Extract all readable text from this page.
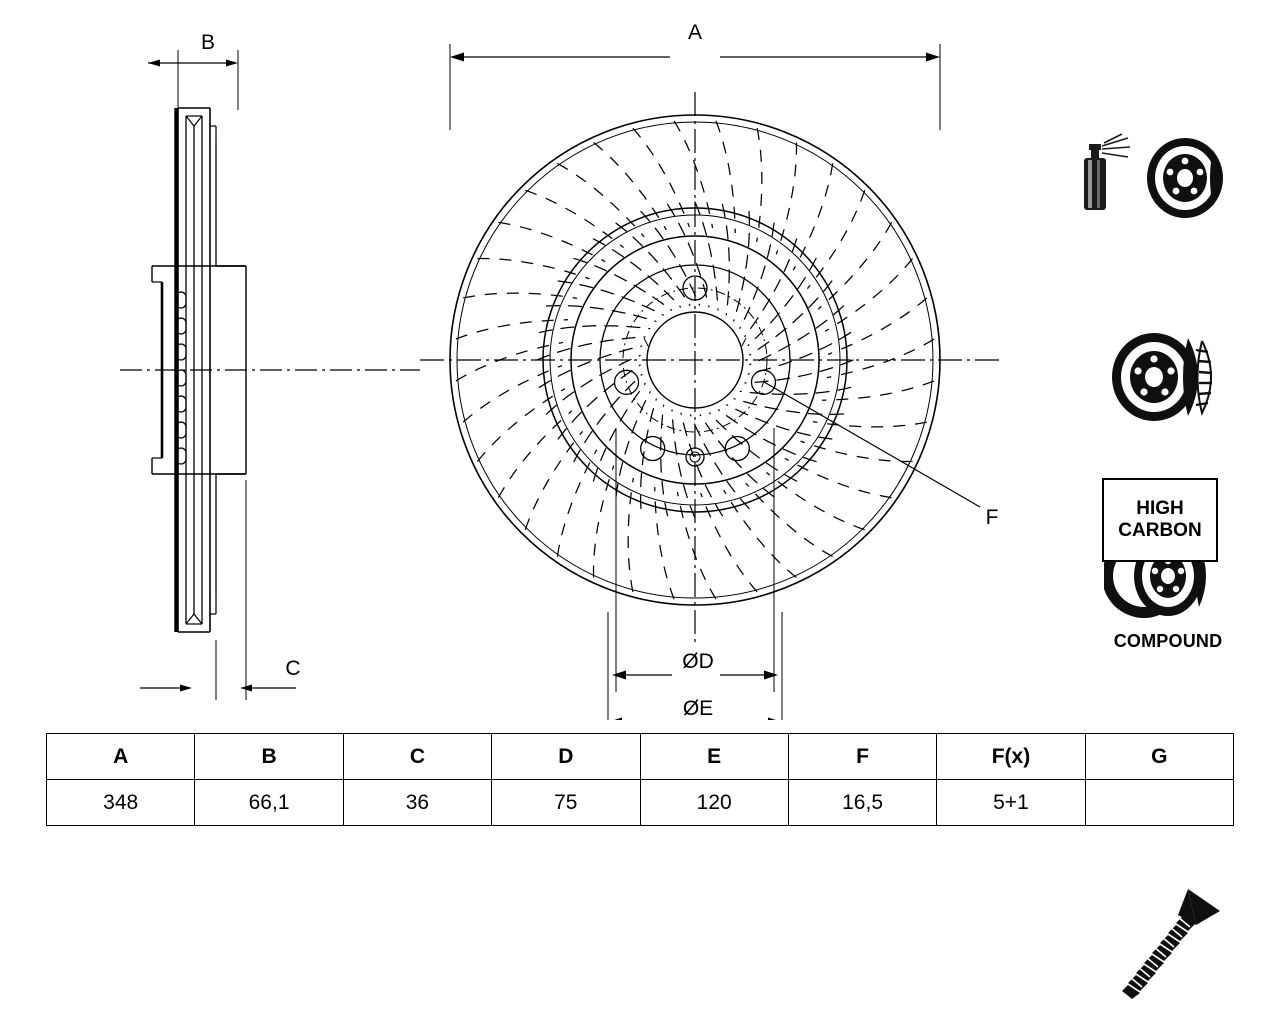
B
C
A
F
ØD
ØE
COMPOUND
HIGH
CARBON
A	B	C	D	E	F	F(x)	G
348	66,1	36	75	120	16,5	5+1	
